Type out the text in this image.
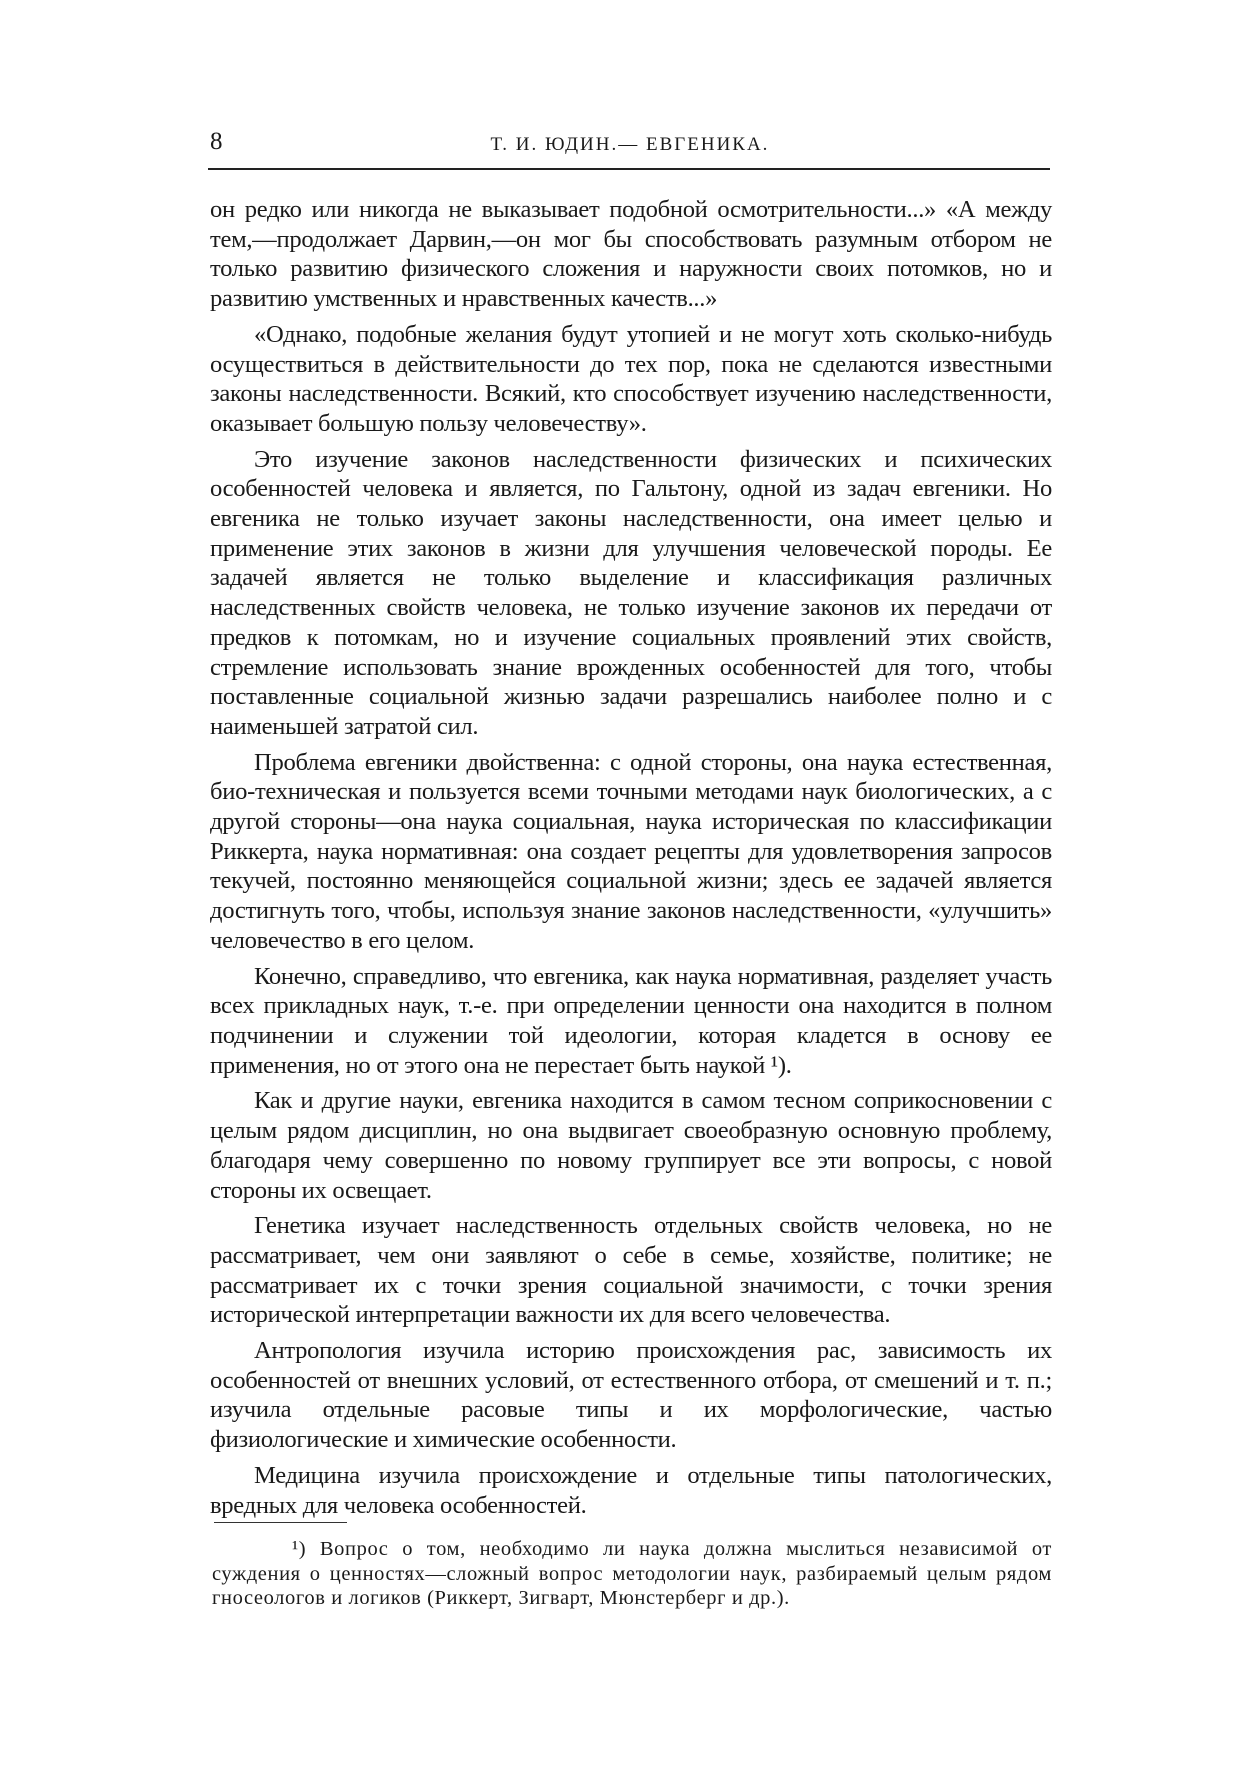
8	Т. И. ЮДИН.— ЕВГЕНИКА.

он редко или никогда не выказывает подобной осмотрительности...» «А между тем,—продолжает Дарвин,—он мог бы способствовать разумным отбором не только развитию физического сложения и наружности своих потомков, но и развитию умственных и нравственных качеств...»

«Однако, подобные желания будут утопией и не могут хоть сколько-нибудь осуществиться в действительности до тех пор, пока не сделаются известными законы наследственности. Всякий, кто способствует изучению наследственности, оказывает большую пользу человечеству».

Это изучение законов наследственности физических и психических особенностей человека и является, по Гальтону, одной из задач евгеники. Но евгеника не только изучает законы наследственности, она имеет целью и применение этих законов в жизни для улучшения человеческой породы. Ее задачей является не только выделение и классификация различных наследственных свойств человека, не только изучение законов их передачи от предков к потомкам, но и изучение социальных проявлений этих свойств, стремление использовать знание врожденных особенностей для того, чтобы поставленные социальной жизнью задачи разрешались наиболее полно и с наименьшей затратой сил.

Проблема евгеники двойственна: с одной стороны, она наука естественная, био-техническая и пользуется всеми точными методами наук биологических, а с другой стороны—она наука социальная, наука историческая по классификации Риккерта, наука нормативная: она создает рецепты для удовлетворения запросов текучей, постоянно меняющейся социальной жизни; здесь ее задачей является достигнуть того, чтобы, используя знание законов наследственности, «улучшить» человечество в его целом.

Конечно, справедливо, что евгеника, как наука нормативная, разделяет участь всех прикладных наук, т.-е. при определении ценности она находится в полном подчинении и служении той идеологии, которая кладется в основу ее применения, но от этого она не перестает быть наукой ¹).

Как и другие науки, евгеника находится в самом тесном соприкосновении с целым рядом дисциплин, но она выдвигает своеобразную основную проблему, благодаря чему совершенно по новому группирует все эти вопросы, с новой стороны их освещает.

Генетика изучает наследственность отдельных свойств человека, но не рассматривает, чем они заявляют о себе в семье, хозяйстве, политике; не рассматривает их с точки зрения социальной значимости, с точки зрения исторической интерпретации важности их для всего человечества.

Антропология изучила историю происхождения рас, зависимость их особенностей от внешних условий, от естественного отбора, от смешений и т. п.; изучила отдельные расовые типы и их морфологические, частью физиологические и химические особенности.

Медицина изучила происхождение и отдельные типы патологических, вредных для человека особенностей.

¹) Вопрос о том, необходимо ли наука должна мыслиться независимой от суждения о ценностях—сложный вопрос методологии наук, разбираемый целым рядом гносеологов и логиков (Риккерт, Зигварт, Мюнстерберг и др.).
